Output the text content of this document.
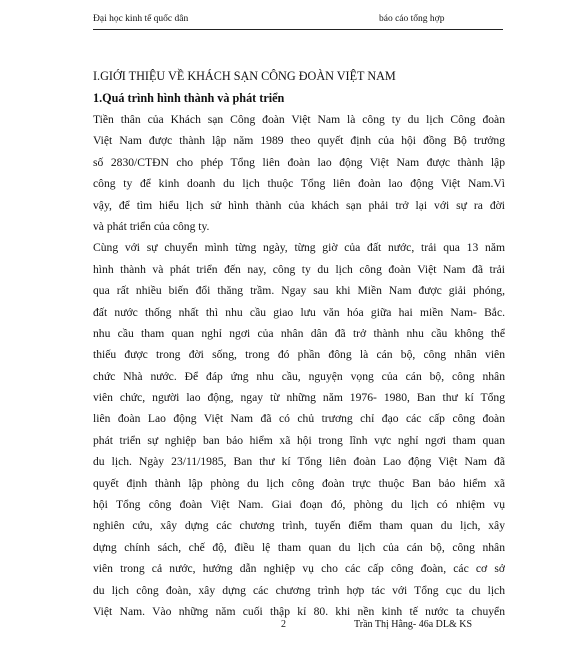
Đại học kinh tế quốc dân	báo cáo tổng hợp
I.GIỚI THIỆU VỀ KHÁCH SẠN CÔNG ĐOÀN VIỆT NAM
1.Quá trình hình thành và phát triển
Tiền thân của Khách sạn Công đoàn Việt Nam là công ty du lịch Công đoàn
Việt Nam được thành lập năm 1989 theo quyết định của hội đồng Bộ trưởng
số 2830/CTĐN cho phép Tổng liên đoàn lao động Việt Nam được thành lập
công ty để kinh doanh du lịch thuộc Tổng liên đoàn lao động Việt Nam.Vì
vậy, để tìm hiểu lịch sử hình thành của khách sạn phải trở lại với sự ra đời
và phát triển của công ty.
Cùng với sự chuyển mình từng ngày, từng giờ của đất nước, trải qua 13 năm
hình thành và phát triển đến nay, công ty du lịch công đoàn Việt Nam đã trải
qua rất nhiều biến đổi thăng trầm. Ngay sau khi Miền Nam được giải phóng,
đất nước thống nhất thì nhu cầu giao lưu văn hóa giữa hai miền Nam- Bắc.
nhu cầu tham quan nghỉ ngơi của nhân dân đã trở thành nhu cầu không thể
thiếu được trong đời sống, trong đó phần đông là cán bộ, công nhân viên
chức Nhà nước. Để đáp ứng nhu cầu, nguyện vọng của cán bộ, công nhân
viên chức, người lao động, ngay từ những năm 1976- 1980, Ban thư kí Tổng
liên đoàn Lao động Việt Nam đã có chủ trương chỉ đạo các cấp công đoàn
phát triển sự nghiệp ban bảo hiểm xã hội trong lĩnh vực nghỉ ngơi tham quan
du lịch. Ngày 23/11/1985, Ban thư kí Tổng liên đoàn Lao động Việt Nam đã
quyết định thành lập phòng du lịch công đoàn trực thuộc Ban bảo hiểm xã
hội Tổng công đoàn Việt Nam. Giai đoạn đó, phòng du lịch có nhiệm vụ
nghiên cứu, xây dựng các chương trình, tuyến điểm tham quan du lịch, xây
dựng chính sách, chế độ, điều lệ tham quan du lịch của cán bộ, công nhân
viên trong cả nước, hướng dẫn nghiệp vụ cho các cấp công đoàn, các cơ sở
du lịch công đoàn, xây dựng các chương trình hợp tác với Tổng cục du lịch
Việt Nam. Vào những năm cuối thập kỉ 80. khi nền kinh tế nước ta chuyển
2	Trần Thị Hằng- 46a DL& KS
